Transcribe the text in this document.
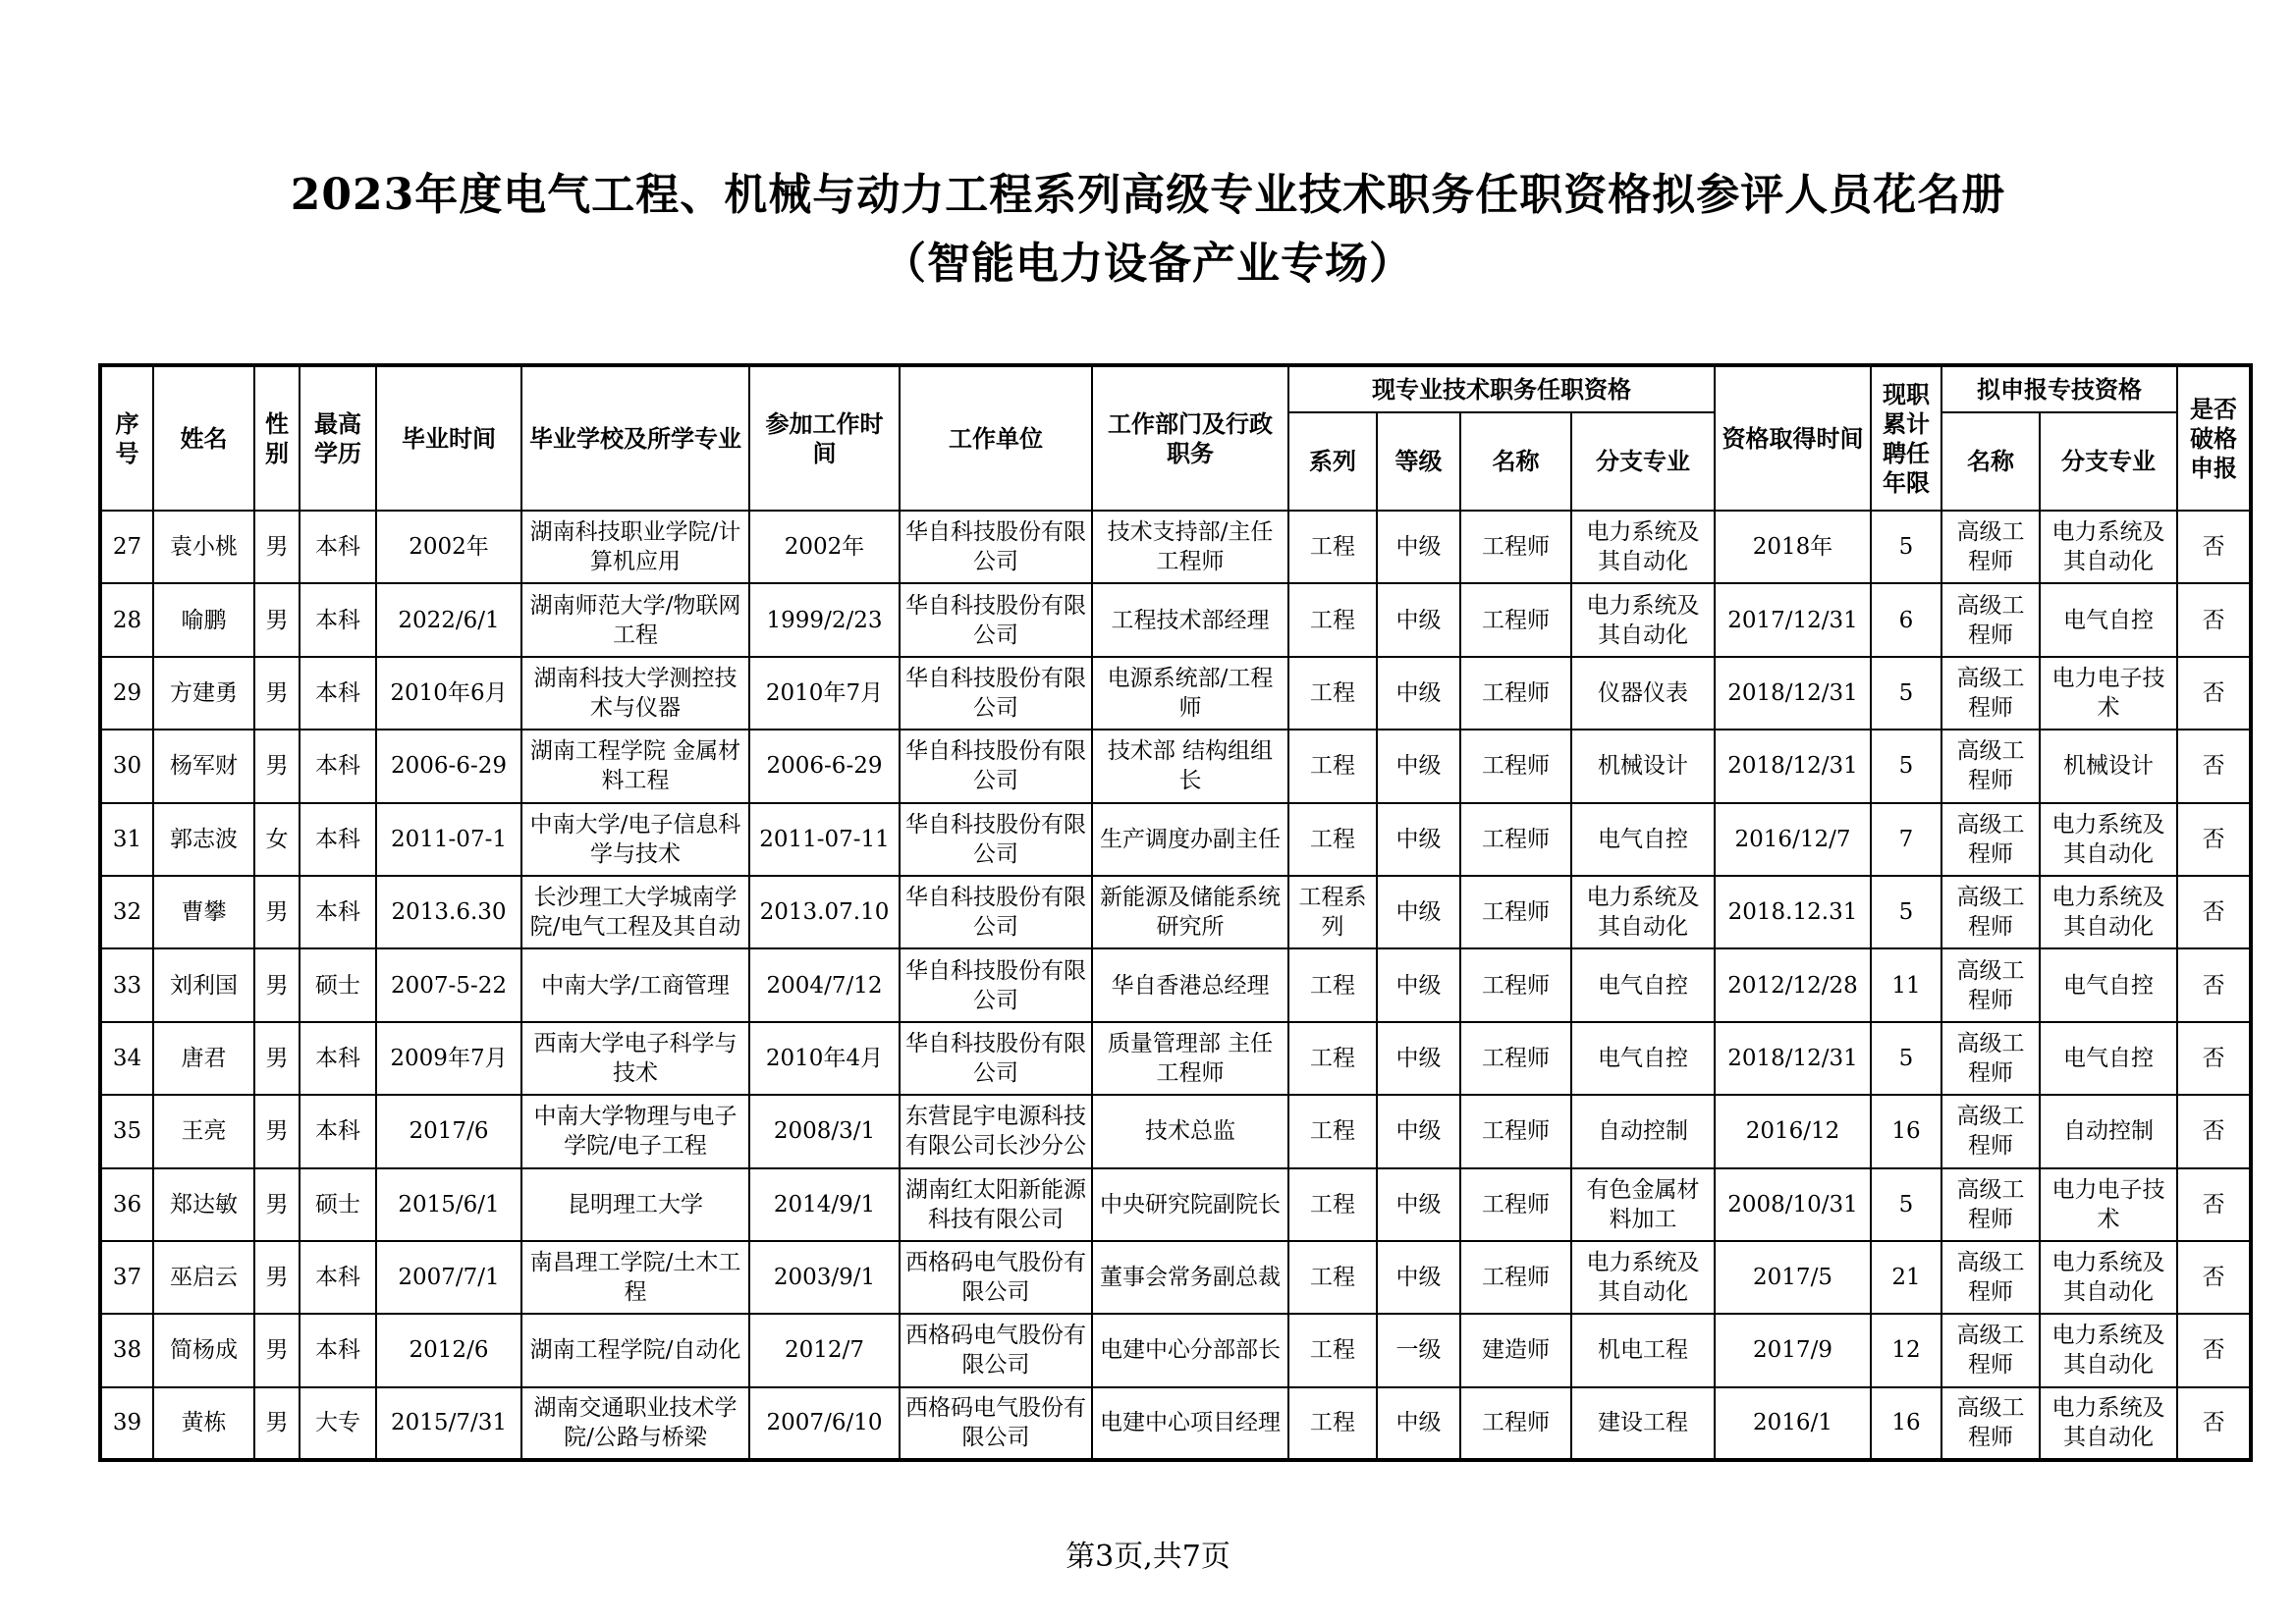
2023年度电气工程、机械与动力工程系列高级专业技术职务任职资格拟参评人员花名册
（智能电力设备产业专场）
序号	姓名	性别	最高学历	毕业时间	毕业学校及所学专业	参加工作时间	工作单位	工作部门及行政职务	现专业技术职务任职资格				资格取得时间	现职累计聘任年限	拟申报专技资格		是否破格申报
									系列	等级	名称	分支专业			名称	分支专业	

27	袁小桃	男	本科	2002年	湖南科技职业学院/计算机应用	2002年	华自科技股份有限公司	技术支持部/主任工程师	工程	中级	工程师	电力系统及其自动化	2018年	5	高级工程师	电力系统及其自动化	否

28	喻鹏	男	本科	2022/6/1	湖南师范大学/物联网工程	1999/2/23	华自科技股份有限公司	工程技术部经理	工程	中级	工程师	电力系统及其自动化	2017/12/31	6	高级工程师	电气自控	否

29	方建勇	男	本科	2010年6月	湖南科技大学测控技术与仪器	2010年7月	华自科技股份有限公司	电源系统部/工程师	工程	中级	工程师	仪器仪表	2018/12/31	5	高级工程师	电力电子技术	否

30	杨军财	男	本科	2006-6-29	湖南工程学院 金属材料工程	2006-6-29	华自科技股份有限公司	技术部 结构组组长	工程	中级	工程师	机械设计	2018/12/31	5	高级工程师	机械设计	否

31	郭志波	女	本科	2011-07-1	中南大学/电子信息科学与技术	2011-07-11	华自科技股份有限公司	生产调度办副主任	工程	中级	工程师	电气自控	2016/12/7	7	高级工程师	电力系统及其自动化	否

32	曹攀	男	本科	2013.6.30	长沙理工大学城南学院/电气工程及其自动	2013.07.10	华自科技股份有限公司	新能源及储能系统研究所	工程系列	中级	工程师	电力系统及其自动化	2018.12.31	5	高级工程师	电力系统及其自动化	否

33	刘利国	男	硕士	2007-5-22	中南大学/工商管理	2004/7/12	华自科技股份有限公司	华自香港总经理	工程	中级	工程师	电气自控	2012/12/28	11	高级工程师	电气自控	否

34	唐君	男	本科	2009年7月	西南大学电子科学与技术	2010年4月	华自科技股份有限公司	质量管理部 主任工程师	工程	中级	工程师	电气自控	2018/12/31	5	高级工程师	电气自控	否

35	王亮	男	本科	2017/6	中南大学物理与电子学院/电子工程	2008/3/1	东营昆宇电源科技有限公司长沙分公	技术总监	工程	中级	工程师	自动控制	2016/12	16	高级工程师	自动控制	否

36	郑达敏	男	硕士	2015/6/1	昆明理工大学	2014/9/1	湖南红太阳新能源科技有限公司	中央研究院副院长	工程	中级	工程师	有色金属材料加工	2008/10/31	5	高级工程师	电力电子技术	否

37	巫启云	男	本科	2007/7/1	南昌理工学院/土木工程	2003/9/1	西格码电气股份有限公司	董事会常务副总裁	工程	中级	工程师	电力系统及其自动化	2017/5	21	高级工程师	电力系统及其自动化	否

38	简杨成	男	本科	2012/6	湖南工程学院/自动化	2012/7	西格码电气股份有限公司	电建中心分部部长	工程	一级	建造师	机电工程	2017/9	12	高级工程师	电力系统及其自动化	否

39	黄栋	男	大专	2015/7/31	湖南交通职业技术学院/公路与桥梁	2007/6/10	西格码电气股份有限公司	电建中心项目经理	工程	中级	工程师	建设工程	2016/1	16	高级工程师	电力系统及其自动化	否
第3页,共7页
